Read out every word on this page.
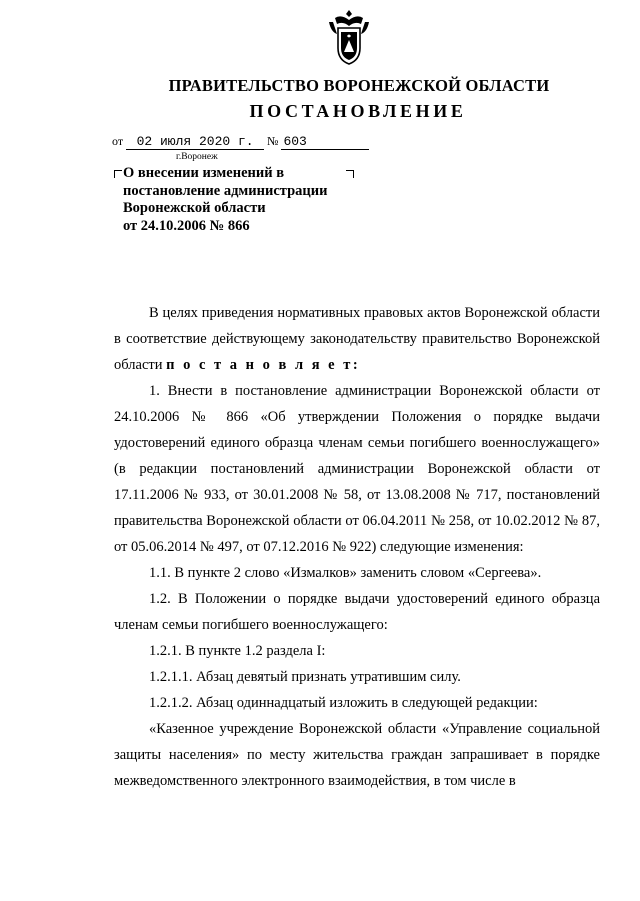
ПРАВИТЕЛЬСТВО ВОРОНЕЖСКОЙ ОБЛАСТИ
ПОСТАНОВЛЕНИЕ
от 02 июля 2020 г.	№ 603
г.Воронеж
О внесении изменений в
постановление администрации
Воронежской области
от 24.10.2006 № 866

В целях приведения нормативных правовых актов Воронежской области в соответствие действующему законодательству правительство Воронежской области п о с т а н о в л я е т:

1. Внести в постановление администрации Воронежской области от 24.10.2006 № 866 «Об утверждении Положения о порядке выдачи удостоверений единого образца членам семьи погибшего военнослужащего» (в редакции постановлений администрации Воронежской области от 17.11.2006 № 933, от 30.01.2008 № 58, от 13.08.2008 № 717, постановлений правительства Воронежской области от 06.04.2011 № 258, от 10.02.2012 № 87, от 05.06.2014 № 497, от 07.12.2016 № 922) следующие изменения:

1.1. В пункте 2 слово «Измалков» заменить словом «Сергеева».

1.2. В Положении о порядке выдачи удостоверений единого образца членам семьи погибшего военнослужащего:

1.2.1. В пункте 1.2 раздела I:

1.2.1.1. Абзац девятый признать утратившим силу.

1.2.1.2. Абзац одиннадцатый изложить в следующей редакции:

«Казенное учреждение Воронежской области «Управление социальной защиты населения» по месту жительства граждан запрашивает в порядке межведомственного электронного взаимодействия, в том числе в
